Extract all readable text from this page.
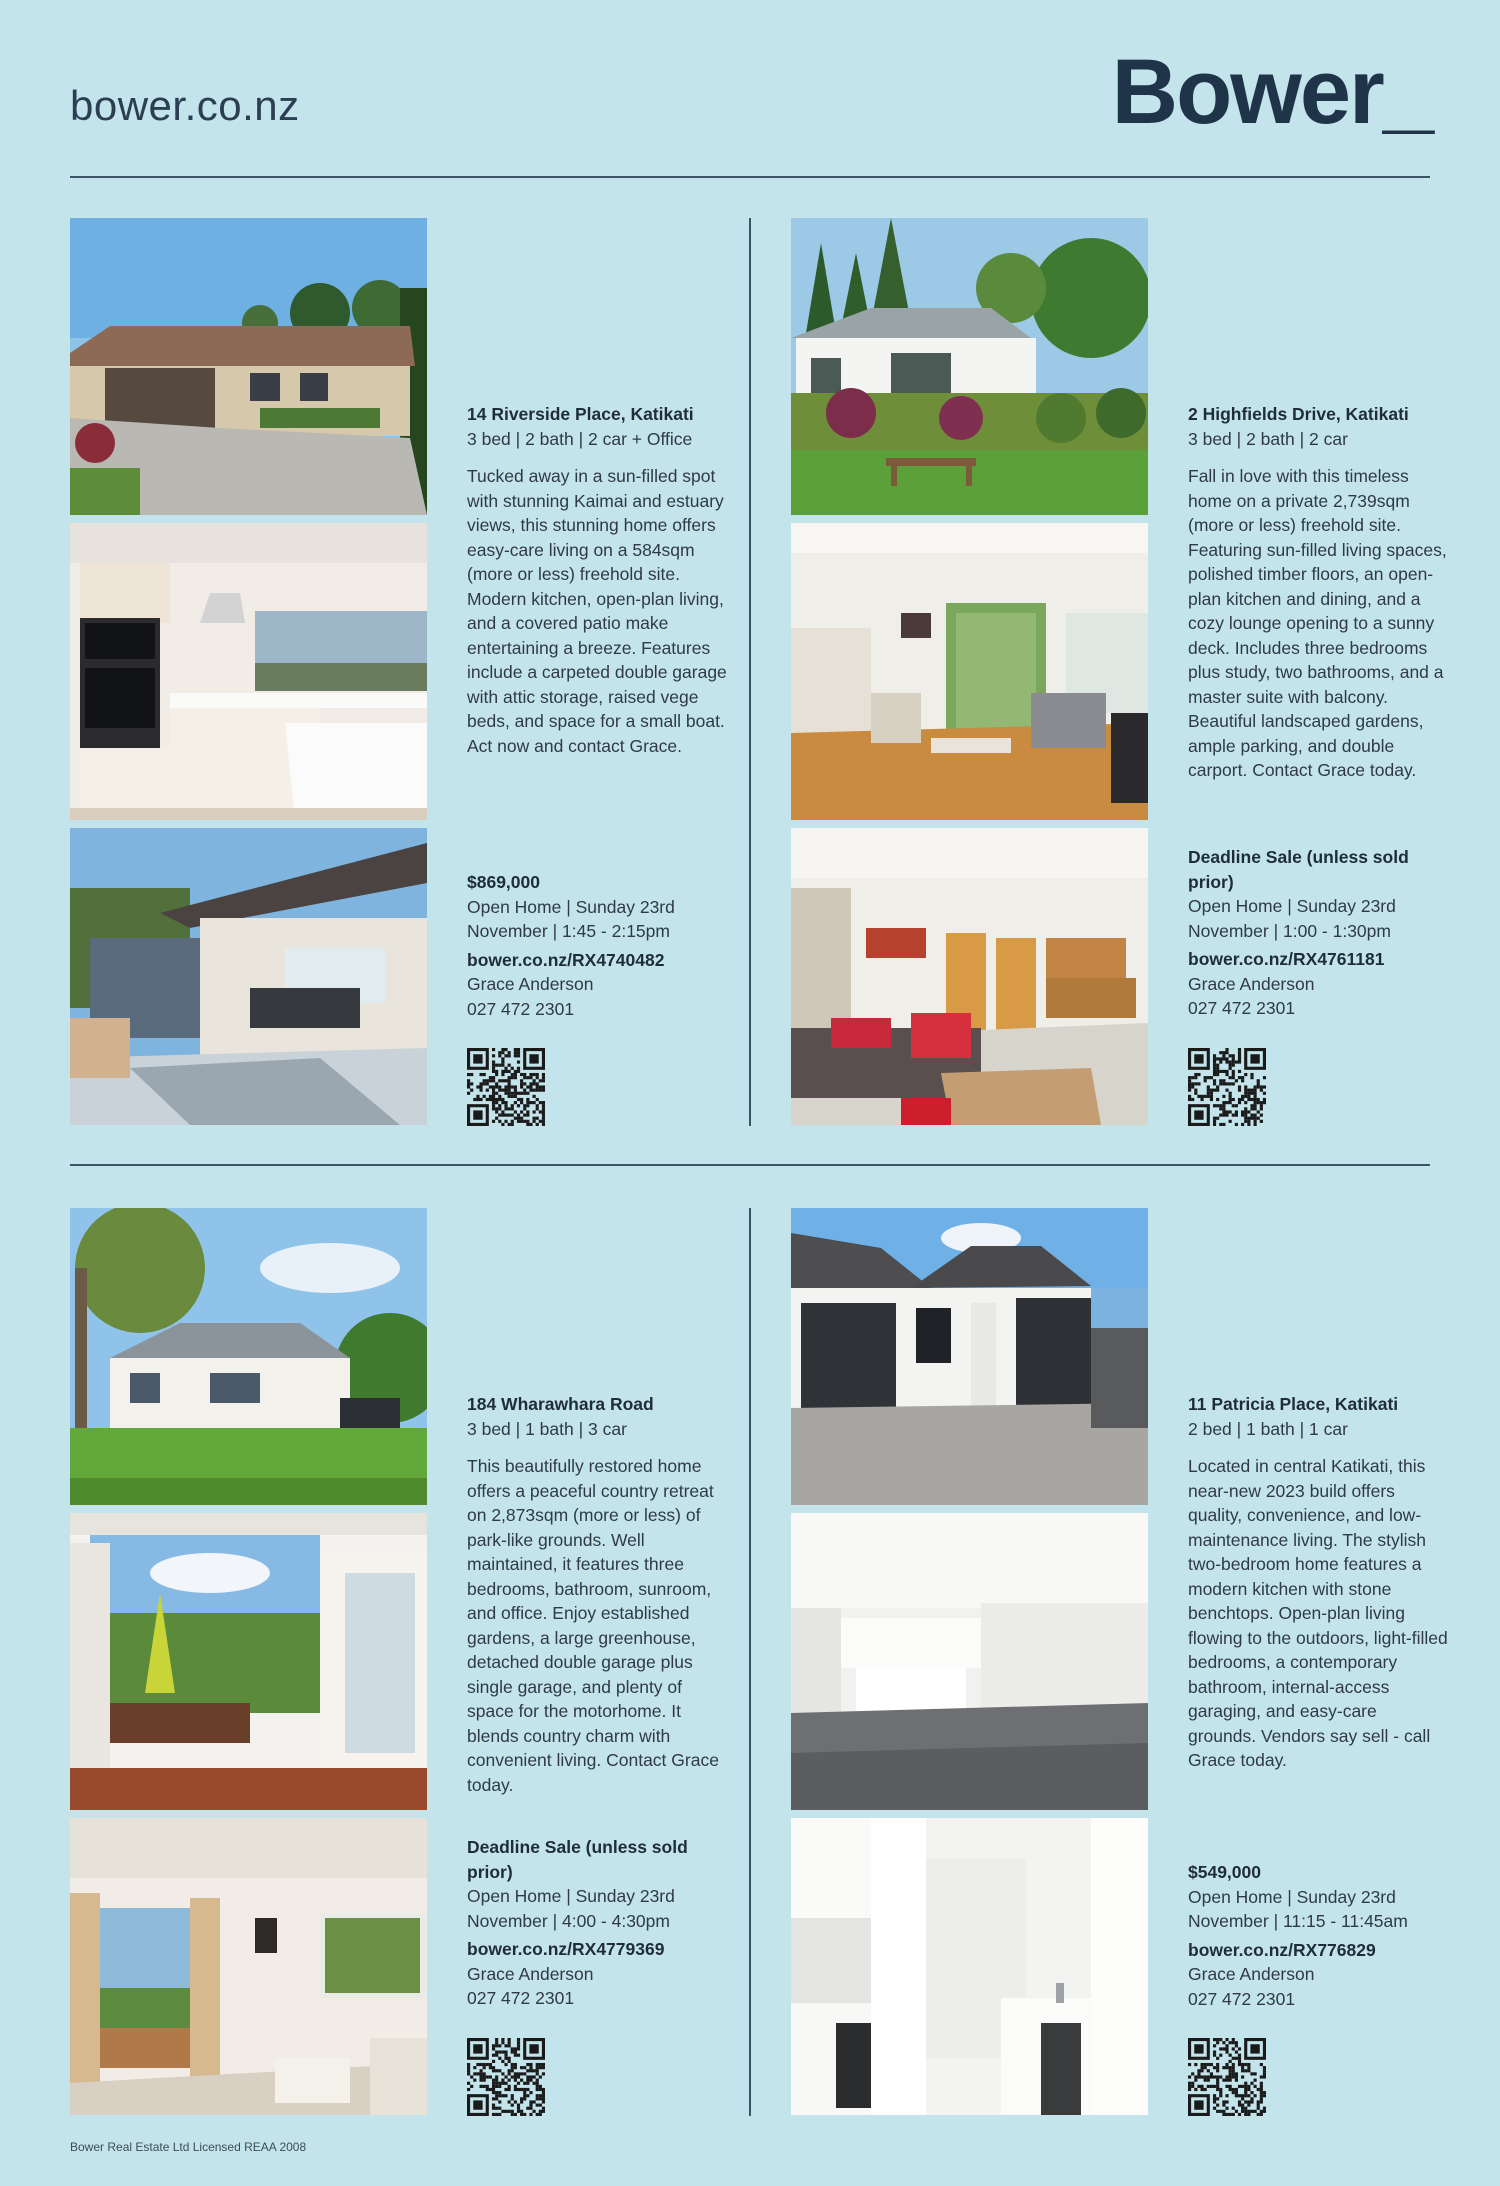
bower.co.nz	Bower_
14 Riverside Place, Katikati
3 bed | 2 bath | 2 car + Office
Tucked away in a sun-filled spot with stunning Kaimai and estuary views, this stunning home offers easy-care living on a 584sqm (more or less) freehold site. Modern kitchen, open-plan living, and a covered patio make entertaining a breeze. Features include a carpeted double garage with attic storage, raised vege beds, and space for a small boat. Act now and contact Grace.
$869,000
Open Home | Sunday 23rd November | 1:45 - 2:15pm
bower.co.nz/RX4740482
Grace Anderson
027 472 2301
2 Highfields Drive, Katikati
3 bed | 2 bath | 2 car
Fall in love with this timeless home on a private 2,739sqm (more or less) freehold site. Featuring sun-filled living spaces, polished timber floors, an open-plan kitchen and dining, and a cozy lounge opening to a sunny deck. Includes three bedrooms plus study, two bathrooms, and a master suite with balcony. Beautiful landscaped gardens, ample parking, and double carport. Contact Grace today.
Deadline Sale (unless sold prior)
Open Home | Sunday 23rd November | 1:00 - 1:30pm
bower.co.nz/RX4761181
Grace Anderson
027 472 2301
184 Wharawhara Road
3 bed | 1 bath | 3 car
This beautifully restored home offers a peaceful country retreat on 2,873sqm (more or less) of park-like grounds. Well maintained, it features three bedrooms, bathroom, sunroom, and office. Enjoy established gardens, a large greenhouse, detached double garage plus single garage, and plenty of space for the motorhome. It blends country charm with convenient living. Contact Grace today.
Deadline Sale (unless sold prior)
Open Home | Sunday 23rd November | 4:00 - 4:30pm
bower.co.nz/RX4779369
Grace Anderson
027 472 2301
11 Patricia Place, Katikati
2 bed | 1 bath | 1 car
Located in central Katikati, this near-new 2023 build offers quality, convenience, and low-maintenance living. The stylish two-bedroom home features a modern kitchen with stone benchtops. Open-plan living flowing to the outdoors, light-filled bedrooms, a contemporary bathroom, internal-access garaging, and easy-care grounds. Vendors say sell - call Grace today.
$549,000
Open Home | Sunday 23rd November | 11:15 - 11:45am
bower.co.nz/RX776829
Grace Anderson
027 472 2301
Bower Real Estate Ltd Licensed REAA 2008
